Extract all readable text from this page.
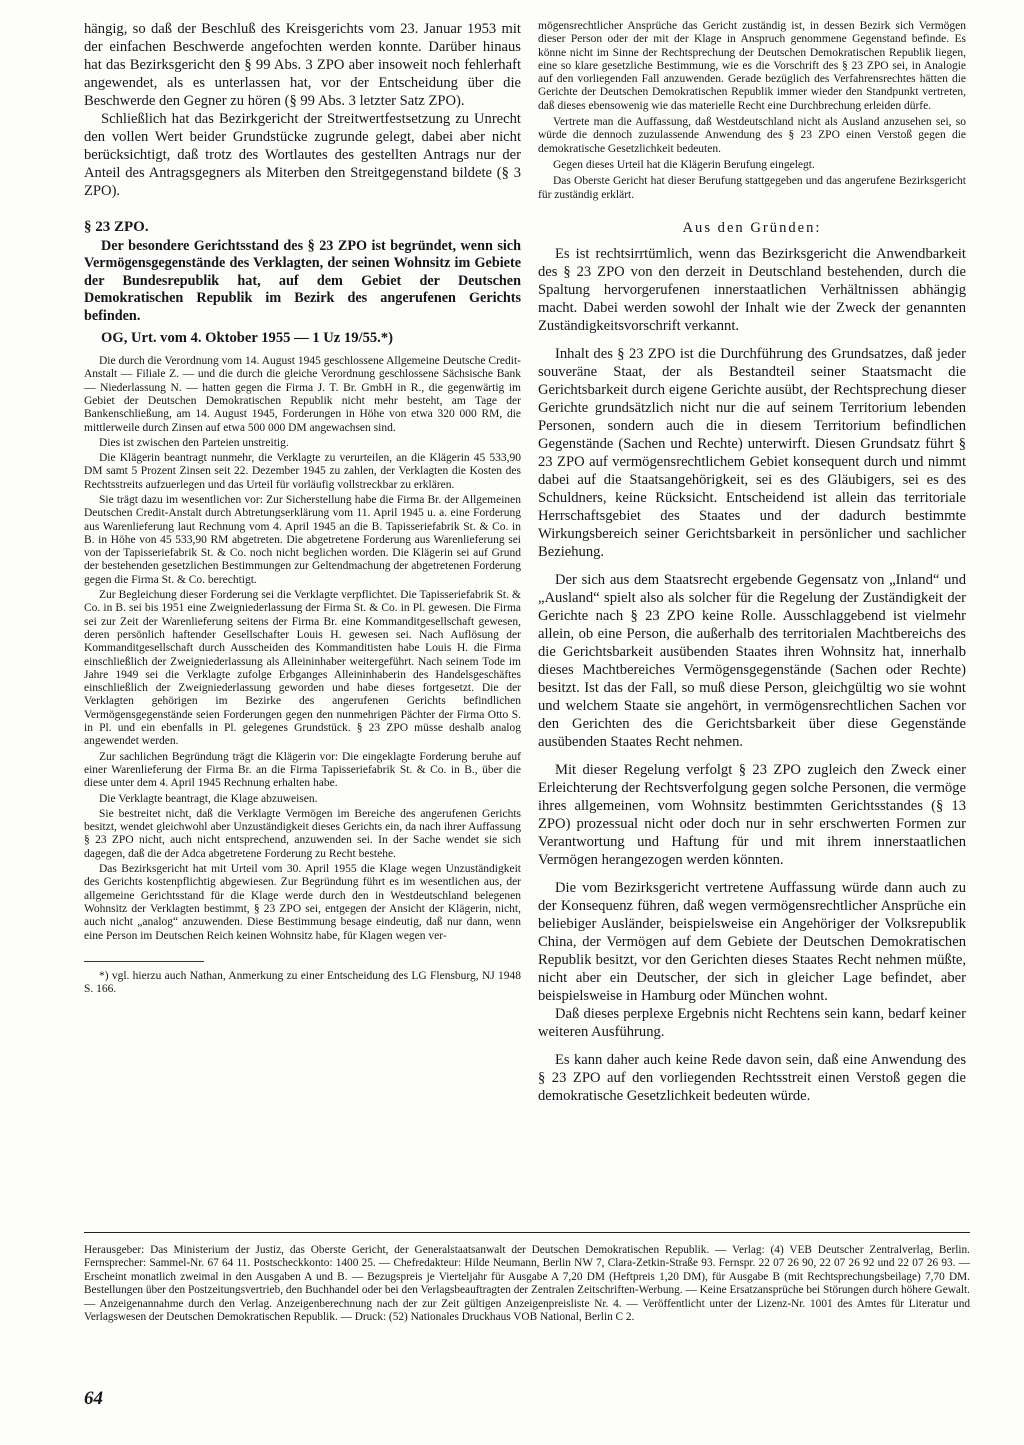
hängig, so daß der Beschluß des Kreisgerichts vom 23. Januar 1953 mit der einfachen Beschwerde angefochten werden konnte. Darüber hinaus hat das Bezirksgericht den § 99 Abs. 3 ZPO aber insoweit noch fehlerhaft angewendet, als es unterlassen hat, vor der Entscheidung über die Beschwerde den Gegner zu hören (§ 99 Abs. 3 letzter Satz ZPO).

Schließlich hat das Bezirkgericht der Streitwertfestsetzung zu Unrecht den vollen Wert beider Grundstücke zugrunde gelegt, dabei aber nicht berücksichtigt, daß trotz des Wortlautes des gestellten Antrags nur der Anteil des Antragsgegners als Miterben den Streitgegenstand bildete (§ 3 ZPO).

§ 23 ZPO.

Der besondere Gerichtsstand des § 23 ZPO ist begründet, wenn sich Vermögensgegenstände des Verklagten, der seinen Wohnsitz im Gebiete der Bundesrepublik hat, auf dem Gebiet der Deutschen Demokratischen Republik im Bezirk des angerufenen Gerichts befinden.

OG, Urt. vom 4. Oktober 1955 — 1 Uz 19/55.*)

Die durch die Verordnung vom 14. August 1945 geschlossene Allgemeine Deutsche Credit-Anstalt — Filiale Z. — und die durch die gleiche Verordnung geschlossene Sächsische Bank — Niederlassung N. — hatten gegen die Firma J. T. Br. GmbH in R., die gegenwärtig im Gebiet der Deutschen Demokratischen Republik nicht mehr besteht, am Tage der Bankenschließung, am 14. August 1945, Forderungen in Höhe von etwa 320 000 RM, die mittlerweile durch Zinsen auf etwa 500 000 DM angewachsen sind.

Dies ist zwischen den Parteien unstreitig.

Die Klägerin beantragt nunmehr, die Verklagte zu verurteilen, an die Klägerin 45 533,90 DM samt 5 Prozent Zinsen seit 22. Dezember 1945 zu zahlen, der Verklagten die Kosten des Rechtsstreits aufzuerlegen und das Urteil für vorläufig vollstreckbar zu erklären.

Sie trägt dazu im wesentlichen vor: Zur Sicherstellung habe die Firma Br. der Allgemeinen Deutschen Credit-Anstalt durch Abtretungserklärung vom 11. April 1945 u. a. eine Forderung aus Warenlieferung laut Rechnung vom 4. April 1945 an die B. Tapisseriefabrik St. & Co. in B. in Höhe von 45 533,90 RM abgetreten. Die abgetretene Forderung aus Warenlieferung sei von der Tapisseriefabrik St. & Co. noch nicht beglichen worden. Die Klägerin sei auf Grund der bestehenden gesetzlichen Bestimmungen zur Geltendmachung der abgetretenen Forderung gegen die Firma St. & Co. berechtigt.

Zur Begleichung dieser Forderung sei die Verklagte verpflichtet. Die Tapisseriefabrik St. & Co. in B. sei bis 1951 eine Zweigniederlassung der Firma St. & Co. in Pl. gewesen. Die Firma sei zur Zeit der Warenlieferung seitens der Firma Br. eine Kommanditgesellschaft gewesen, deren persönlich haftender Gesellschafter Louis H. gewesen sei. Nach Auflösung der Kommanditgesellschaft durch Ausscheiden des Kommanditisten habe Louis H. die Firma einschließlich der Zweigniederlassung als Alleininhaber weitergeführt. Nach seinem Tode im Jahre 1949 sei die Verklagte zufolge Erbganges Alleininhaberin des Handelsgeschäftes einschließlich der Zweigniederlassung geworden und habe dieses fortgesetzt. Die der Verklagten gehörigen im Bezirke des angerufenen Gerichts befindlichen Vermögensgegenstände seien Forderungen gegen den nunmehrigen Pächter der Firma Otto S. in Pl. und ein ebenfalls in Pl. gelegenes Grundstück. § 23 ZPO müsse deshalb analog angewendet werden.

Zur sachlichen Begründung trägt die Klägerin vor: Die eingeklagte Forderung beruhe auf einer Warenlieferung der Firma Br. an die Firma Tapisseriefabrik St. & Co. in B., über die diese unter dem 4. April 1945 Rechnung erhalten habe.

Die Verklagte beantragt, die Klage abzuweisen.

Sie bestreitet nicht, daß die Verklagte Vermögen im Bereiche des angerufenen Gerichts besitzt, wendet gleichwohl aber Unzuständigkeit dieses Gerichts ein, da nach ihrer Auffassung § 23 ZPO nicht, auch nicht entsprechend, anzuwenden sei. In der Sache wendet sie sich dagegen, daß die der Adca abgetretene Forderung zu Recht bestehe.

Das Bezirksgericht hat mit Urteil vom 30. April 1955 die Klage wegen Unzuständigkeit des Gerichts kostenpflichtig abgewiesen. Zur Begründung führt es im wesentlichen aus, der allgemeine Gerichtsstand für die Klage werde durch den in Westdeutschland belegenen Wohnsitz der Verklagten bestimmt, § 23 ZPO sei, entgegen der Ansicht der Klägerin, nicht, auch nicht „analog“ anzuwenden. Diese Bestimmung besage eindeutig, daß nur dann, wenn eine Person im Deutschen Reich keinen Wohnsitz habe, für Klagen wegen ver-

*) vgl. hierzu auch Nathan, Anmerkung zu einer Entscheidung des LG Flensburg, NJ 1948 S. 166.

mögensrechtlicher Ansprüche das Gericht zuständig ist, in dessen Bezirk sich Vermögen dieser Person oder der mit der Klage in Anspruch genommene Gegenstand befinde. Es könne nicht im Sinne der Rechtsprechung der Deutschen Demokratischen Republik liegen, eine so klare gesetzliche Bestimmung, wie es die Vorschrift des § 23 ZPO sei, in Analogie auf den vorliegenden Fall anzuwenden. Gerade bezüglich des Verfahrensrechtes hätten die Gerichte der Deutschen Demokratischen Republik immer wieder den Standpunkt vertreten, daß dieses ebensowenig wie das materielle Recht eine Durchbrechung erleiden dürfe.

Vertrete man die Auffassung, daß Westdeutschland nicht als Ausland anzusehen sei, so würde die dennoch zuzulassende Anwendung des § 23 ZPO einen Verstoß gegen die demokratische Gesetzlichkeit bedeuten.

Gegen dieses Urteil hat die Klägerin Berufung eingelegt.

Das Oberste Gericht hat dieser Berufung stattgegeben und das angerufene Bezirksgericht für zuständig erklärt.

Aus den Gründen:

Es ist rechtsirrtümlich, wenn das Bezirksgericht die Anwendbarkeit des § 23 ZPO von den derzeit in Deutschland bestehenden, durch die Spaltung hervorgerufenen innerstaatlichen Verhältnissen abhängig macht. Dabei werden sowohl der Inhalt wie der Zweck der genannten Zuständigkeitsvorschrift verkannt.

Inhalt des § 23 ZPO ist die Durchführung des Grundsatzes, daß jeder souveräne Staat, der als Bestandteil seiner Staatsmacht die Gerichtsbarkeit durch eigene Gerichte ausübt, der Rechtsprechung dieser Gerichte grundsätzlich nicht nur die auf seinem Territorium lebenden Personen, sondern auch die in diesem Territorium befindlichen Gegenstände (Sachen und Rechte) unterwirft. Diesen Grundsatz führt § 23 ZPO auf vermögensrechtlichem Gebiet konsequent durch und nimmt dabei auf die Staatsangehörigkeit, sei es des Gläubigers, sei es des Schuldners, keine Rücksicht. Entscheidend ist allein das territoriale Herrschaftsgebiet des Staates und der dadurch bestimmte Wirkungsbereich seiner Gerichtsbarkeit in persönlicher und sachlicher Beziehung.

Der sich aus dem Staatsrecht ergebende Gegensatz von „Inland“ und „Ausland“ spielt also als solcher für die Regelung der Zuständigkeit der Gerichte nach § 23 ZPO keine Rolle. Ausschlaggebend ist vielmehr allein, ob eine Person, die außerhalb des territorialen Machtbereichs des die Gerichtsbarkeit ausübenden Staates ihren Wohnsitz hat, innerhalb dieses Machtbereiches Vermögensgegenstände (Sachen oder Rechte) besitzt. Ist das der Fall, so muß diese Person, gleichgültig wo sie wohnt und welchem Staate sie angehört, in vermögensrechtlichen Sachen vor den Gerichten des die Gerichtsbarkeit über diese Gegenstände ausübenden Staates Recht nehmen.

Mit dieser Regelung verfolgt § 23 ZPO zugleich den Zweck einer Erleichterung der Rechtsverfolgung gegen solche Personen, die vermöge ihres allgemeinen, vom Wohnsitz bestimmten Gerichtsstandes (§ 13 ZPO) prozessual nicht oder doch nur in sehr erschwerten Formen zur Verantwortung und Haftung für und mit ihrem innerstaatlichen Vermögen herangezogen werden könnten.

Die vom Bezirksgericht vertretene Auffassung würde dann auch zu der Konsequenz führen, daß wegen vermögensrechtlicher Ansprüche ein beliebiger Ausländer, beispielsweise ein Angehöriger der Volksrepublik China, der Vermögen auf dem Gebiete der Deutschen Demokratischen Republik besitzt, vor den Gerichten dieses Staates Recht nehmen müßte, nicht aber ein Deutscher, der sich in gleicher Lage befindet, aber beispielsweise in Hamburg oder München wohnt.

Daß dieses perplexe Ergebnis nicht Rechtens sein kann, bedarf keiner weiteren Ausführung.

Es kann daher auch keine Rede davon sein, daß eine Anwendung des § 23 ZPO auf den vorliegenden Rechtsstreit einen Verstoß gegen die demokratische Gesetzlichkeit bedeuten würde.

Herausgeber: Das Ministerium der Justiz, das Oberste Gericht, der Generalstaatsanwalt der Deutschen Demokratischen Republik. — Verlag: (4) VEB Deutscher Zentralverlag, Berlin. Fernsprecher: Sammel-Nr. 67 64 11. Postscheckkonto: 1400 25. — Chefredakteur: Hilde Neumann, Berlin NW 7, Clara-Zetkin-Straße 93. Fernspr. 22 07 26 90, 22 07 26 92 und 22 07 26 93. — Erscheint monatlich zweimal in den Ausgaben A und B. — Bezugspreis je Vierteljahr für Ausgabe A 7,20 DM (Heftpreis 1,20 DM), für Ausgabe B (mit Rechtsprechungsbeilage) 7,70 DM. Bestellungen über den Postzeitungsvertrieb, den Buchhandel oder bei den Verlagsbeauftragten der Zentralen Zeitschriften-Werbung. — Keine Ersatzansprüche bei Störungen durch höhere Gewalt. — Anzeigenannahme durch den Verlag. Anzeigenberechnung nach der zur Zeit gültigen Anzeigenpreisliste Nr. 4. — Veröffentlicht unter der Lizenz-Nr. 1001 des Amtes für Literatur und Verlagswesen der Deutschen Demokratischen Republik. — Druck: (52) Nationales Druckhaus VOB National, Berlin C 2.

64
